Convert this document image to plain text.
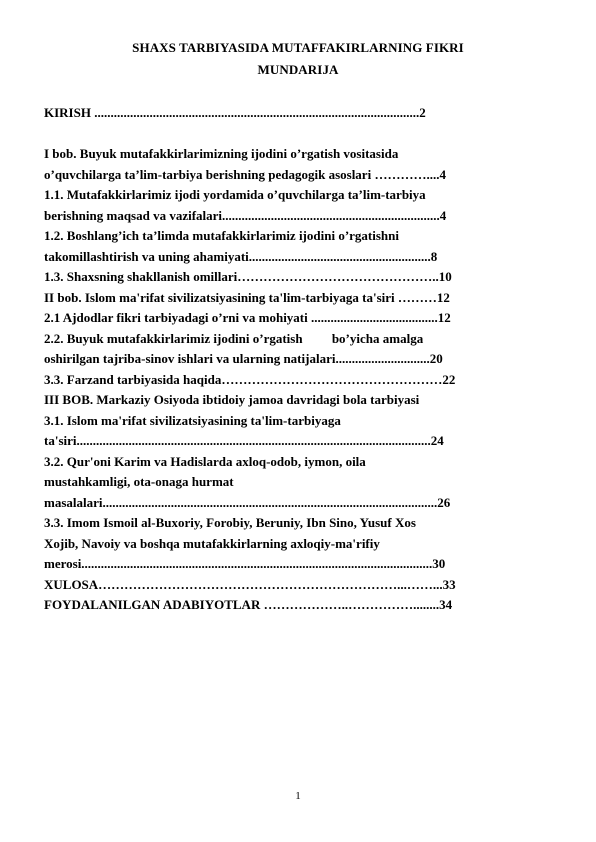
SHAXS TARBIYASIDA MUTAFFAKIRLARNING FIKRI
MUNDARIJA
KIRISH ....................................................................................................2
I bob. Buyuk mutafakkirlarimizning ijodini o’rgatish vositasida
o’quvchilarga ta’lim-tarbiya berishning pedagogik asoslari …………....4
1.1. Mutafakkirlarimiz ijodi yordamida o’quvchilarga ta’lim-tarbiya
berishning maqsad va vazifalari...................................................................4
1.2. Boshlang’ich ta’limda mutafakkirlarimiz ijodini o’rgatishni
takomillashtirish va uning ahamiyati........................................................8
1.3. Shaxsning shakllanish omillari………………………………………..10
II bob. Islom ma'rifat sivilizatsiyasining ta'lim-tarbiyaga ta'siri ………12
2.1 Ajdodlar fikri tarbiyadagi o’rni va mohiyati .......................................12
2.2. Buyuk mutafakkirlarimiz ijodini o’rgatish         bo’yicha amalga
oshirilgan tajriba-sinov ishlari va ularning natijalari.............................20
3.3. Farzand tarbiyasida haqida……………………………………………22
III BOB. Markaziy Osiyoda ibtidoiy jamoa davridagi bola tarbiyasi
3.1. Islom ma'rifat sivilizatsiyasining ta'lim-tarbiyaga
ta'siri.............................................................................................................24
3.2. Qur'oni Karim va Hadislarda axloq-odob, iymon, oila
mustahkamligi, ota-onaga hurmat
masalalari.......................................................................................................26
3.3. Imom Ismoil al-Buxoriy, Forobiy, Beruniy, Ibn Sino, Yusuf Xos
Xojib, Navoiy va boshqa mutafakkirlarning axloqiy-ma'rifiy
merosi............................................................................................................30
XULOSA……………………………………………………………...……...33
FOYDALANILGAN ADABIYOTLAR ………………..……………........34
1
